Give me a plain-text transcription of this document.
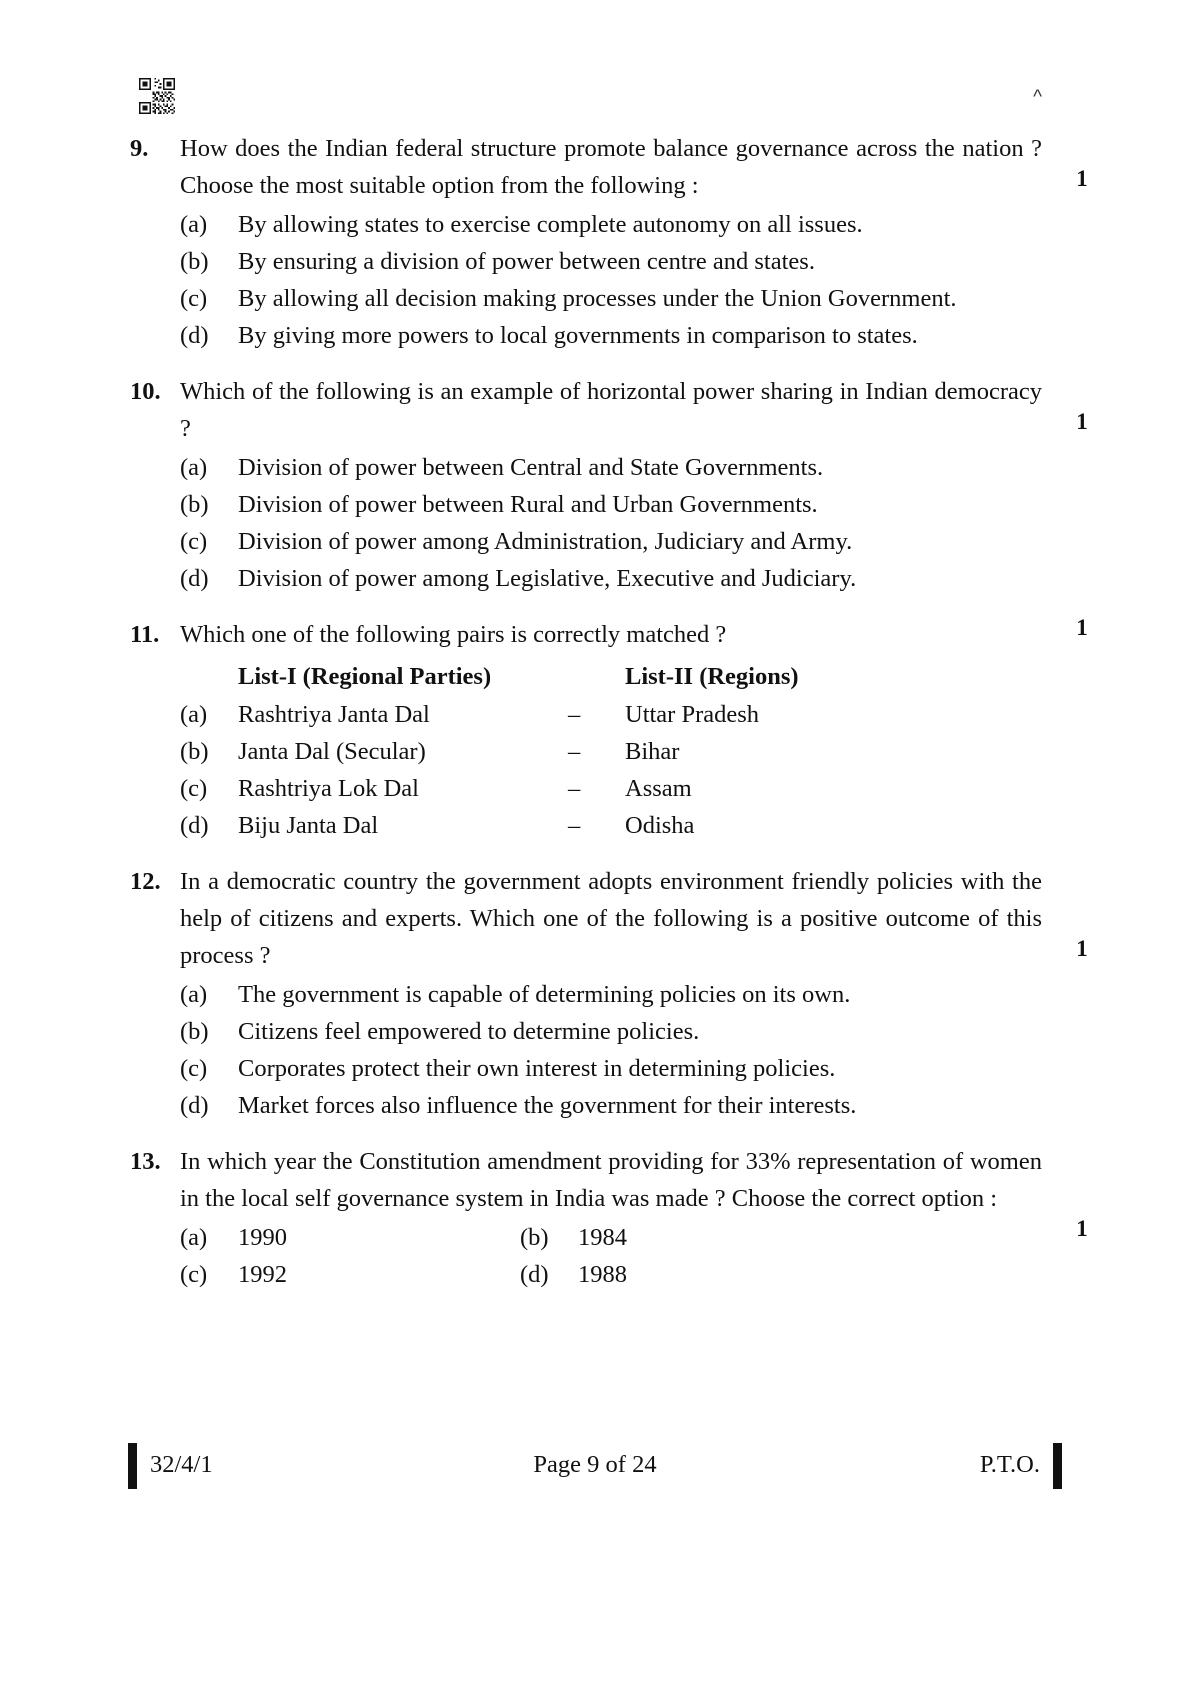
^
9.	How does the Indian federal structure promote balance governance across the nation ? Choose the most suitable option from the following :	1
(a)	By allowing states to exercise complete autonomy on all issues.
(b)	By ensuring a division of power between centre and states.
(c)	By allowing all decision making processes under the Union Government.
(d)	By giving more powers to local governments in comparison to states.
10. Which of the following is an example of horizontal power sharing in Indian democracy ?	1
(a)	Division of power between Central and State Governments.
(b)	Division of power between Rural and Urban Governments.
(c)	Division of power among Administration, Judiciary and Army.
(d)	Division of power among Legislative, Executive and Judiciary.
11. Which one of the following pairs is correctly matched ?	1
List-I (Regional Parties)	List-II (Regions)
(a)	Rashtriya Janta Dal	–	Uttar Pradesh
(b)	Janta Dal (Secular)	–	Bihar
(c)	Rashtriya Lok Dal	–	Assam
(d)	Biju Janta Dal	–	Odisha
12. In a democratic country the government adopts environment friendly policies with the help of citizens and experts. Which one of the following is a positive outcome of this process ?	1
(a)	The government is capable of determining policies on its own.
(b)	Citizens feel empowered to determine policies.
(c)	Corporates protect their own interest in determining policies.
(d)	Market forces also influence the government for their interests.
13. In which year the Constitution amendment providing for 33% representation of women in the local self governance system in India was made ? Choose the correct option :
1
(a)	1990	(b)	1984
(c)	1992	(d)	1988
32/4/1	Page 9 of 24	P.T.O.
